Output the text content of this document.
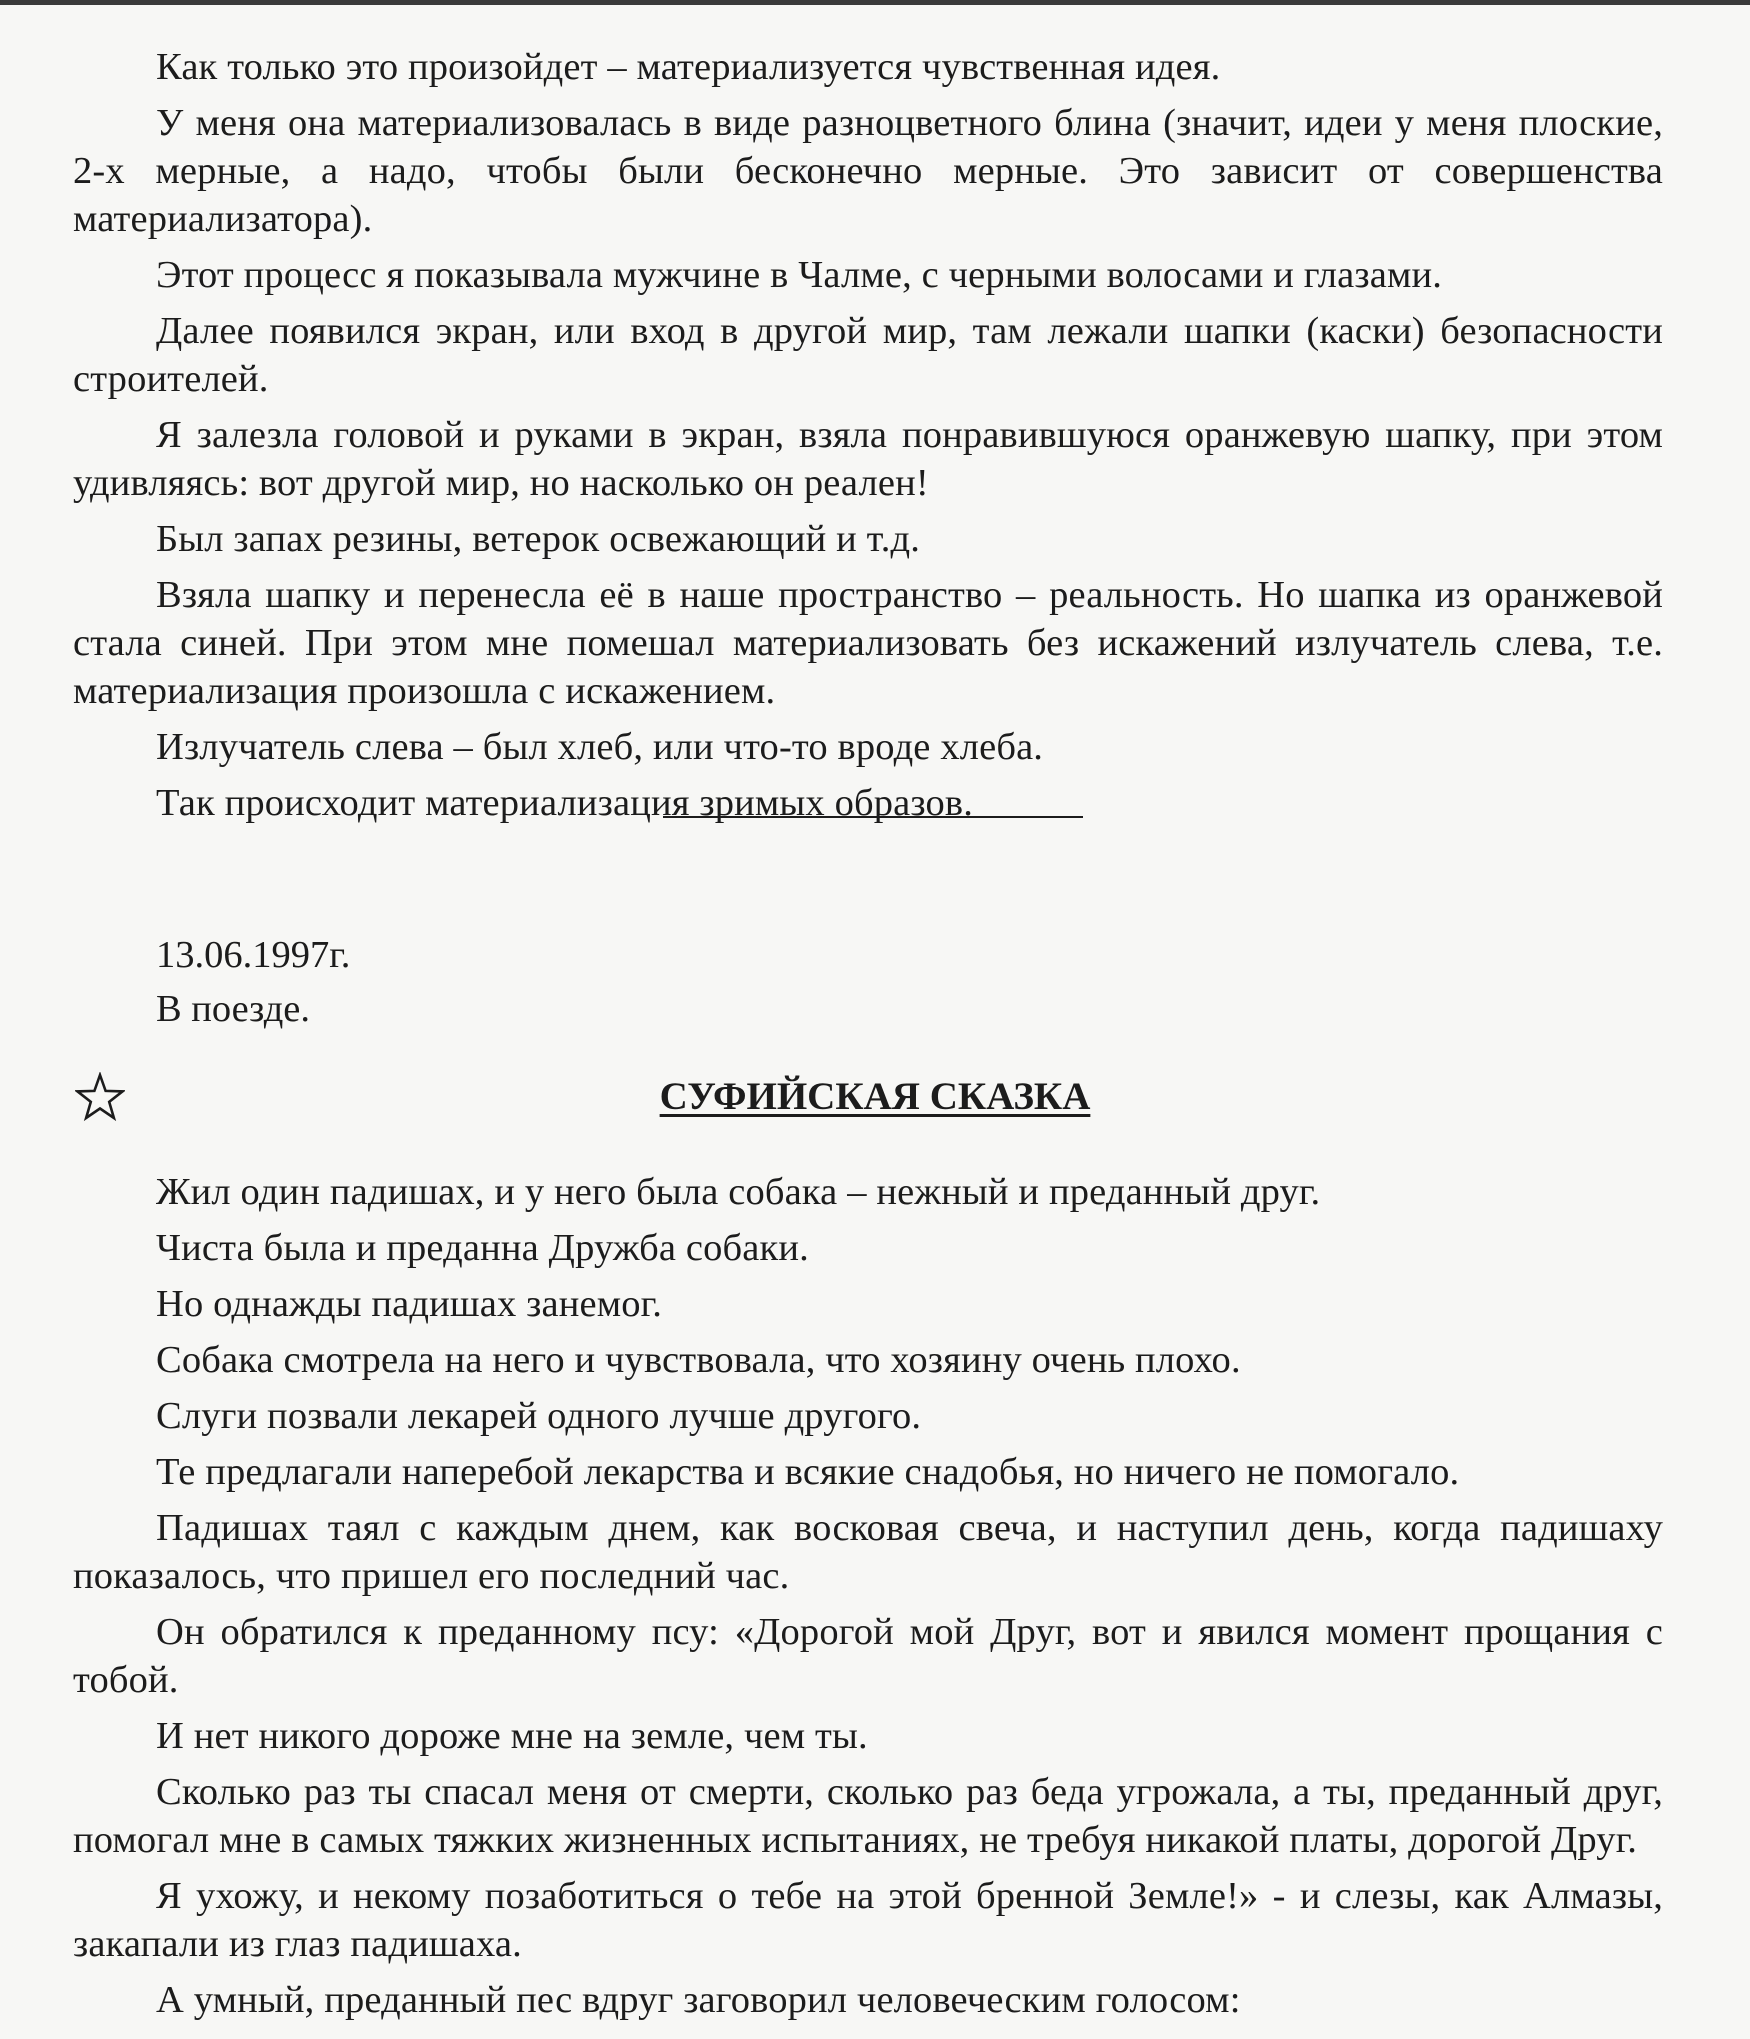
Как только это произойдет – материализуется чувственная идея.

У меня она материализовалась в виде разноцветного блина (значит, идеи у меня плоские, 2-х мерные, а надо, чтобы были бесконечно мерные. Это зависит от совершенства материализатора).

Этот процесс я показывала мужчине в Чалме, с черными волосами и глазами.

Далее появился экран, или вход в другой мир, там лежали шапки (каски) безопасности строителей.

Я залезла головой и руками в экран, взяла понравившуюся оранжевую шапку, при этом удивляясь: вот другой мир, но насколько он реален!

Был запах резины, ветерок освежающий и т.д.

Взяла шапку и перенесла её в наше пространство – реальность. Но шапка из оранжевой стала синей. При этом мне помешал материализовать без искажений излучатель слева, т.е. материализация произошла с искажением.

Излучатель слева – был хлеб, или что-то вроде хлеба.

Так происходит материализация зримых образов.

13.06.1997г.
В поезде.
СУФИЙСКАЯ СКАЗКА

Жил один падишах, и у него была собака – нежный и преданный друг.

Чиста была и преданна Дружба собаки.

Но однажды падишах занемог.

Собака смотрела на него и чувствовала, что хозяину очень плохо.

Слуги позвали лекарей одного лучше другого.

Те предлагали наперебой лекарства и всякие снадобья, но ничего не помогало.

Падишах таял с каждым днем, как восковая свеча, и наступил день, когда падишаху показалось, что пришел его последний час.

Он обратился к преданному псу: «Дорогой мой Друг, вот и явился момент прощания с тобой.

И нет никого дороже мне на земле, чем ты.

Сколько раз ты спасал меня от смерти, сколько раз беда угрожала, а ты, преданный друг, помогал мне в самых тяжких жизненных испытаниях, не требуя никакой платы, дорогой Друг.

Я ухожу, и некому позаботиться о тебе на этой бренной Земле!» - и слезы, как Алмазы, закапали из глаз падишаха.

А умный, преданный пес вдруг заговорил человеческим голосом:
